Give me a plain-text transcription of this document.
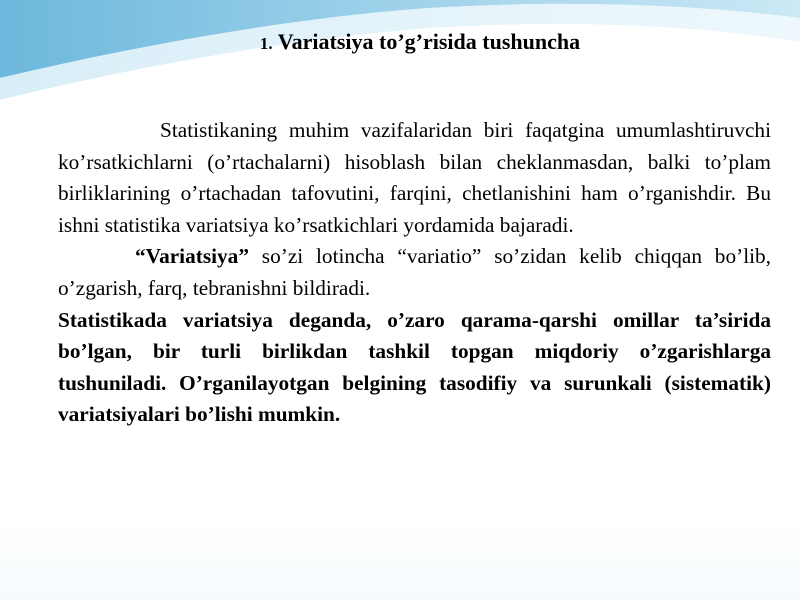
1. Variatsiya to’g’risida tushuncha

Statistikaning muhim vazifalaridan biri faqatgina umumlashtiruvchi ko’rsatkichlarni (o’rtachalarni) hisoblash bilan cheklanmasdan, balki to’plam birliklarining o’rtachadan tafovutini, farqini, chetlanishini ham o’rganishdir. Bu ishni statistika variatsiya ko’rsatkichlari yordamida bajaradi.

“Variatsiya” so’zi lotincha “variatio” so’zidan kelib chiqqan bo’lib, o’zgarish, farq, tebranishni bildiradi.

Statistikada variatsiya deganda, o’zaro qarama-qarshi omillar ta’sirida bo’lgan, bir turli birlikdan tashkil topgan miqdoriy o’zgarishlarga tushuniladi. O’rganilayotgan belgining tasodifiy va surunkali (sistematik) variatsiyalari bo’lishi mumkin.
